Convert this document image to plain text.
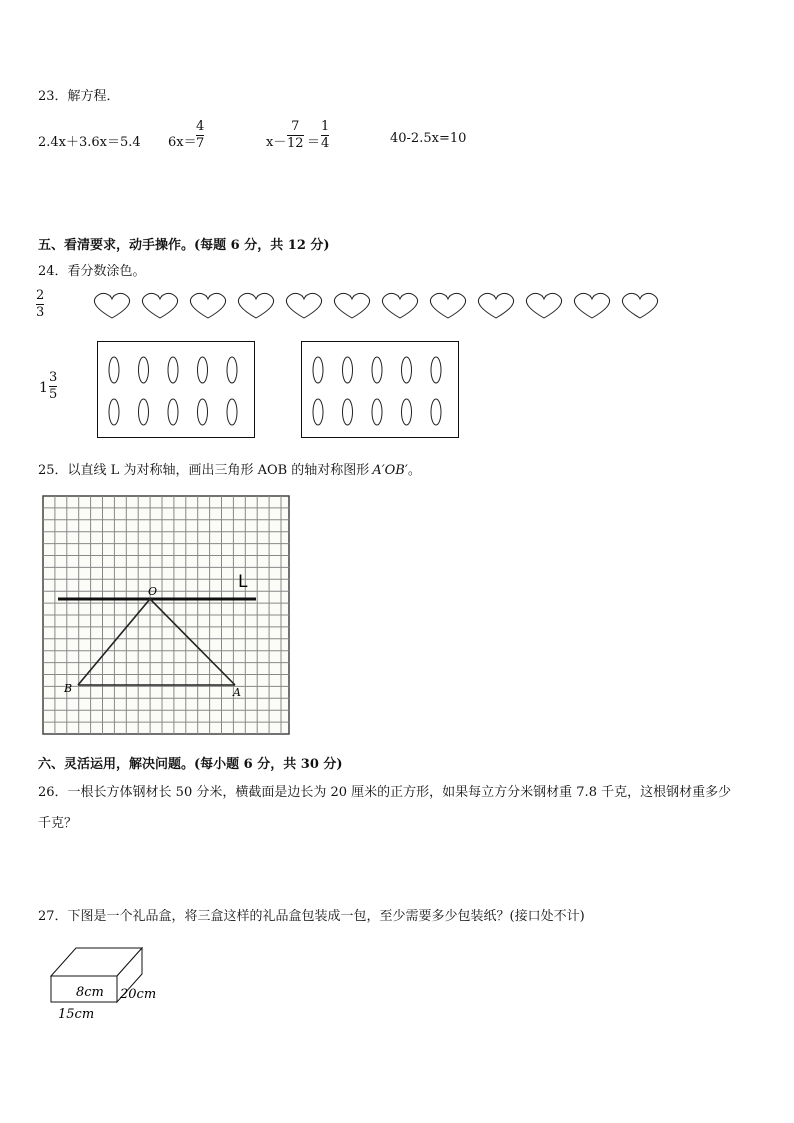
23．解方程．
2.4x＋3.6x＝5.4 6x＝
4
7	x－
7
12 ＝
1
4	40-2.5x=10
五、看清要求，动手操作。(每题 6 分，共 12 分)
24．看分数涂色。
2
3
1
3
5
25．以直线 L 为对称轴，画出三角形 AOB 的轴对称图形 A′OB′。
L
O
A
B
六、灵活运用，解决问题。(每小题 6 分，共 30 分)
26．一根长方体钢材长 50 分米，横截面是边长为 20 厘米的正方形，如果每立方分米钢材重 7.8 千克，这根钢材重多少
千克？
27．下图是一个礼品盒，将三盒这样的礼品盒包装成一包，至少需要多少包装纸？(接口处不计)
8cm 20cm
15cm
